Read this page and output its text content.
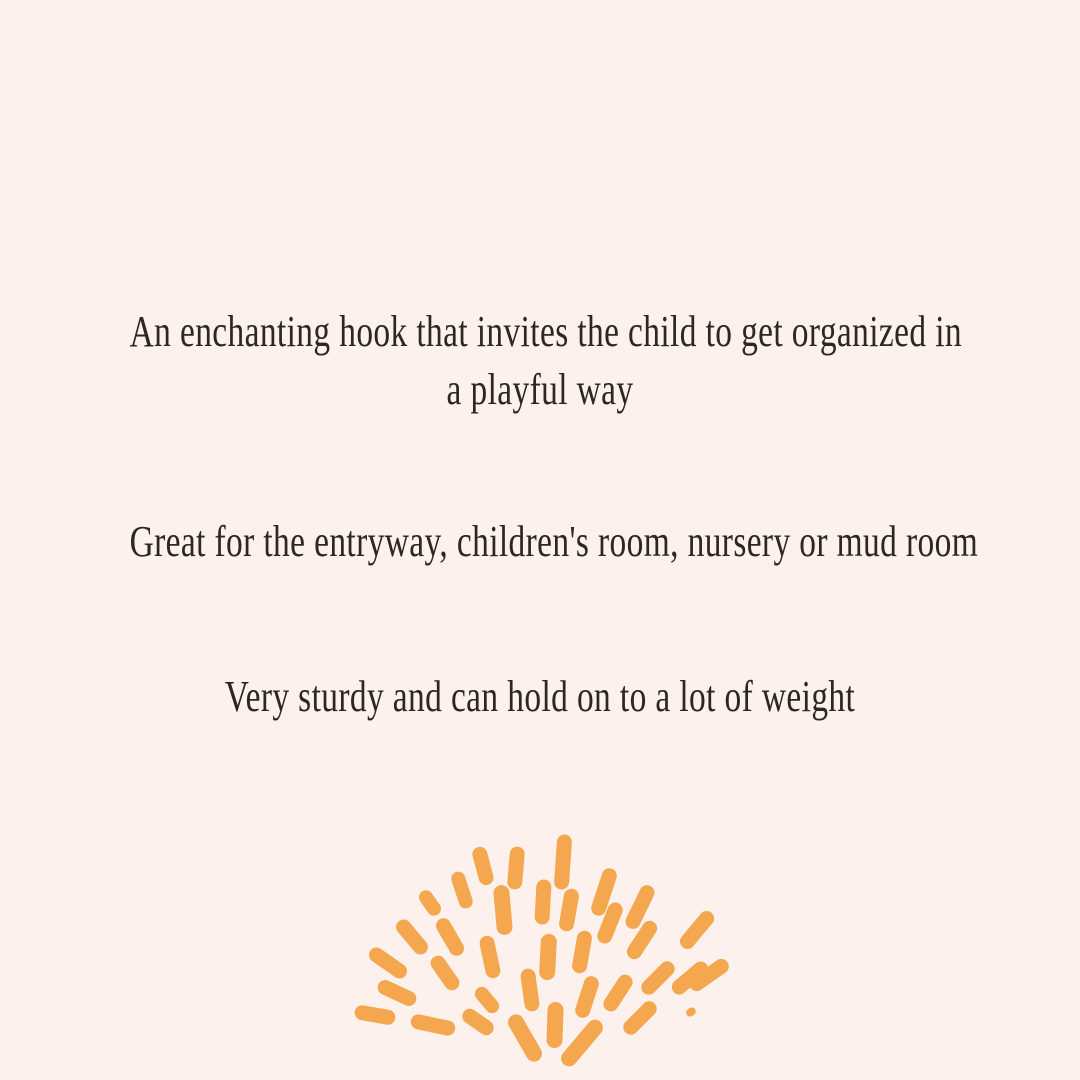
An enchanting hook that invites the child to get organized in
a playful way
Great for the entryway, children's room, nursery or mud room
Very sturdy and can hold on to a lot of weight
